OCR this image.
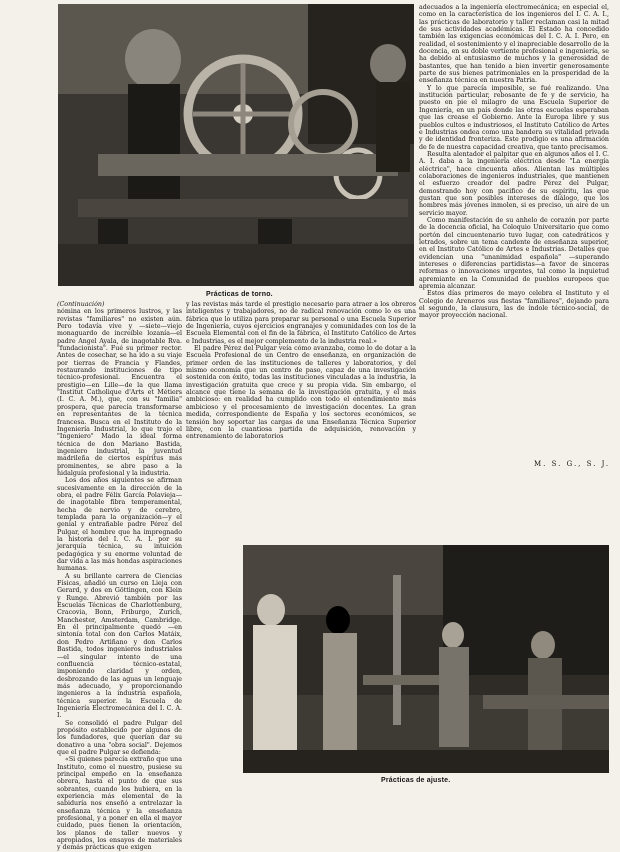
Prácticas de torno.

(Continuación)

nómina en los primeros lustros, y las revistas "familiares" no existen aún. Pero todavía vive y —siete—viejo monaguardo de increíble lozanía—el padre Angel Ayala, de inagotable Rva. "fundacionista". Fué su primer rector. Antes de cosechar, se ha ido a su viaje por tierras de Francia y Flandes, restaurando instituciones de tipo técnico-profesional. Encuentra el prestigio—en Lille—de la que llama "Institut Catholique d'Arts et Métiers (I. C. A. M.), que, con su "familia" prospera, que parecía transformarse en representantes de la técnica francesa. Busca en el Instituto de la Ingeniería Industrial, lo que trajo el "Ingeniero" Mado la ideal forma técnica de don Mariano Bastida, ingeniero industrial, la juventud madrileña de ciertos espíritus más prominentes, se abre paso a la hidalguía profesional y la industria.

Los dos años siguientes se afirman sucesivamente en la dirección de la obra, el padre Félix García Polavieja—de inagotable fibra temperamental, hecha de nervio y de cerebro, templada para la organización—y el genial y entrañable padre Pérez del Pulgar, el hombre que ha impregnado la historia del I. C. A. I. por su jerarquía técnica, su intuición pedagógica y su enorme voluntad de dar vida a las más hondas aspiraciones humanas.

A su brillante carrera de Ciencias Físicas, añadió un curso en Lieja con Gerard, y dos en Göttingen, con Klein y Runge. Abrevió también por las Escuelas Técnicas de Charlottenburg, Cracovia, Bonn, Friburgo, Zurich, Manchester, Amsterdam, Cambridge. En él principalmente quedó —en sintonía total con don Carlos Matáix, don Pedro Artiñano y don Carlos Bastida, todos ingenieros industriales—el singular intento de una confluencia técnico-estatal, imponiendo claridad y orden, desbrozando de las aguas un lenguaje más adecuado, y proporcionando ingenieros a la industria española, técnica superior. la Escuela de Ingeniería Electromecánica del I. C. A. I.

Se consolidó el padre Pulgar del propósito establecido por algunos de los fundadores, que querían dar su donativo a una "obra social". Dejemos que el padre Pulgar se defienda:

«Si quienes parecía extraño que una Instituto, como el nuestro, pusiese su principal empeño en la enseñanza obrera, hasta el punto de que sus sobrantes, cuando los hubiera, en la experiencia más elemental de la sabiduría nos enseñó a entrelazar la enseñanza técnica y la enseñanza profesional, y a poner en ella el mayor cuidado, pues tienen la orientación, los planos de taller nuevos y apropiados, los ensayos de materiales y demás prácticas que exigen

y las revistas más tarde el prestigio necesario para atraer a los obreros inteligentes y trabajadores, no de radical renovación como lo es una fábrica que lo utiliza para preparar su personal o una Escuela Superior de Ingeniería, cuyos ejercicios engranajes y comunidades con los de la Escuela Elemental con el fin de la fábrica, el Instituto Católico de Artes e Industrias, es el mejor complemento de la industria real.»

El padre Pérez del Pulgar veía cómo avanzaba, como lo de dotar a la Escuela Profesional de un Centro de enseñanza, en organización de primer orden de las instituciones de talleres y laboratorios, y del mismo economía que un centro de paso, capaz de una investigación sostenida con éxito, todas las instituciones vinculadas a la industria, la investigación gratuita que crece y su propia vida. Sin embargo, el alcance que tiene la semana de la investigación gratuita, y el más ambicioso: en realidad ha cumplido con todo el entendimiento más ambicioso y el procesamiento de investigación docentes. La gran medida, correspondiente de España y los sectores económicos, se tensión hoy soportar las cargas de una Enseñanza Técnica Superior libre, con la cuantiosa partida de adquisición, renovación y entrenamiento de laboratorios

adecuados a la ingeniería electromecánica; en especial el, como en la característica de los ingenieros del I. C. A. I., las prácticas de laboratorio y taller reclaman casi la mitad de sus actividades académicas. El Estado ha concedido también las exigencias económicas del I. C. A. I. Pero, en realidad, el sostenimiento y el inapreciable desarrollo de la docencia, en su doble vertiente profesional e ingeniería, se ha debido al entusiasmo de muchos y la generosidad de bastantes, que han tenido a bien invertir generosamente parte de sus bienes patrimoniales en la prosperidad de la enseñanza técnica en nuestra Patria.

Y lo que parecía imposible, se fué realizando. Una institución particular, rebosante de fe y de servicio, ha puesto en pie el milagro de una Escuela Superior de Ingeniería, en un país donde las otras escuelas esperaban que las crease el Gobierno. Ante la Europa libre y sus pueblos cultos e industriosos, el Instituto Católico de Artes e Industrias ondea como una bandera su vitalidad privada y de identidad fronteriza. Este prodigio es una afirmación de fe de nuestra capacidad creativa, que tanto precisamos.

Resulta alentador el palpitar que en algunos años el I. C. A. I. daba a la ingeniería eléctrica desde "La energía eléctrica", hace cincuenta años. Alientan las múltiples colaboraciones de ingenieros industriales, que mantienen el esfuerzo creador del padre Pérez del Pulgar, demostrando hoy con pacifico de su espíritu, las que gustan que son posibles intereses de diálogo, que los hombres más jóvenes inmolen, si es preciso, un aire de un servicio mayor.

Como manifestación de su anhelo de corazón por parte de la docencia oficial, ha Coloquio Universitario que como portón del cincuentenario tuvo lugar, con catedráticos y letrados, sobre un tema candente de enseñanza superior, en el Instituto Católico de Artes e Industrias. Detalles que evidencian una "unanimidad española" —superando intereses o diferencias partidistas—a favor de sinceras reformas o innovaciones urgentes, tal como la inquietud apremiante en la Comunidad de pueblos europeos que apremia alcanzar.

Estos días primeros de mayo celebra el Instituto y el Colegio de Areneros sus fiestas "familiares", dejando para el segundo, la clausura, las de índole técnico-social, de mayor proyección nacional.

M. S. G., S. J.
Prácticas de ajuste.
